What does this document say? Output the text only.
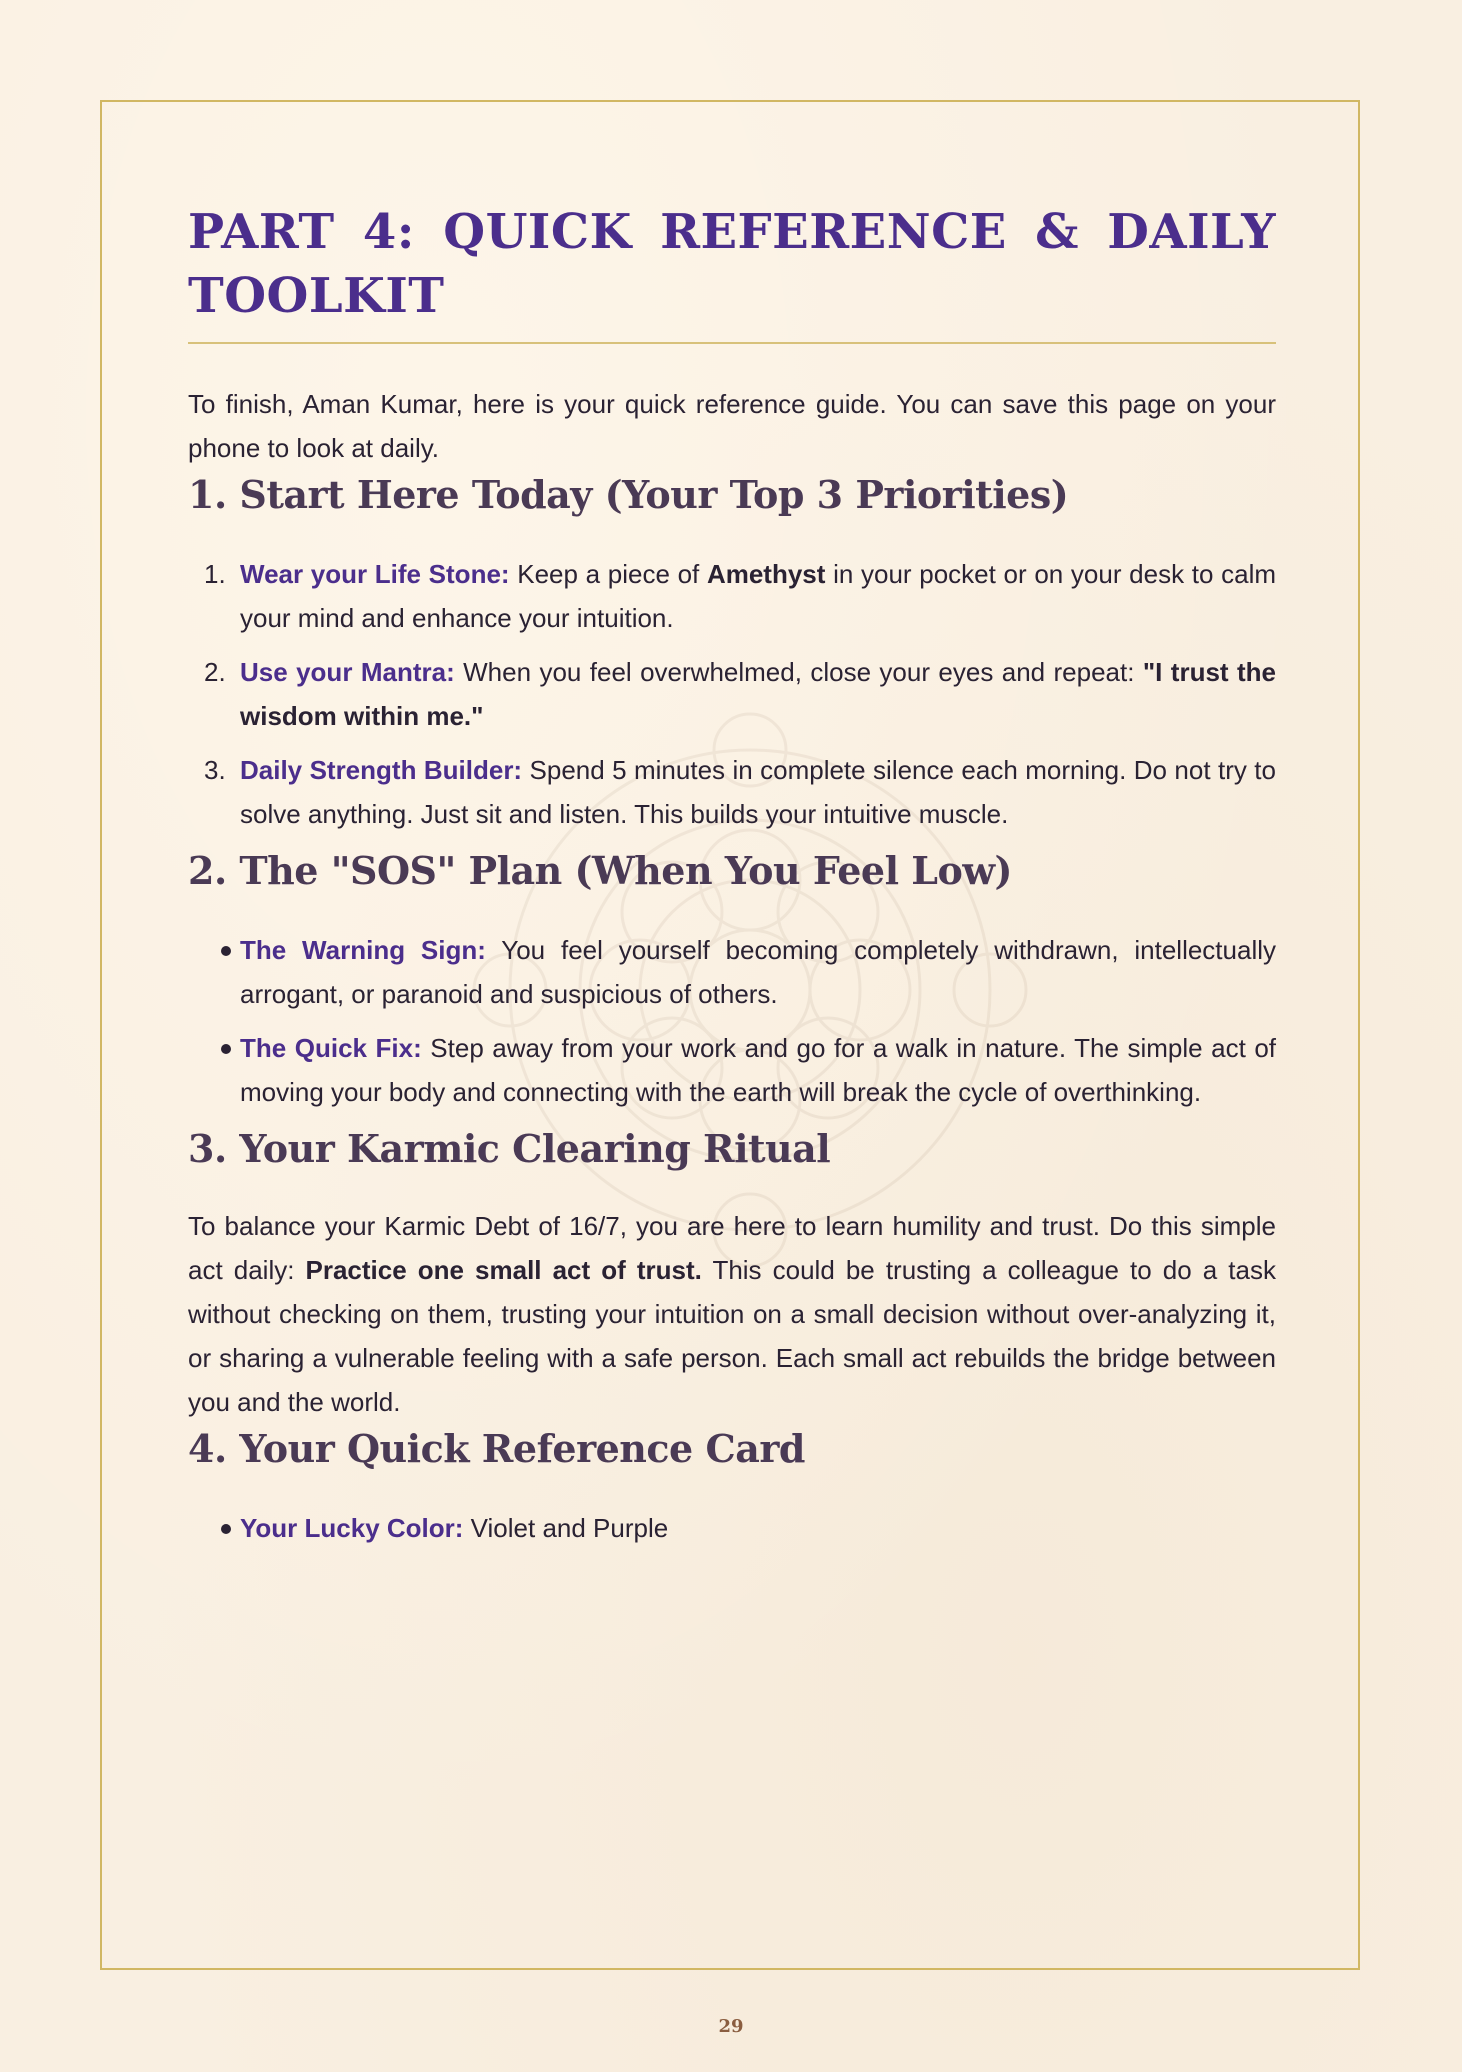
PART 4: QUICK REFERENCE & DAILY TOOLKIT

To finish, Aman Kumar, here is your quick reference guide. You can save this page on your phone to look at daily.

1. Start Here Today (Your Top 3 Priorities)
1. Wear your Life Stone: Keep a piece of Amethyst in your pocket or on your desk to calm your mind and enhance your intuition.
2. Use your Mantra: When you feel overwhelmed, close your eyes and repeat: "I trust the wisdom within me."
3. Daily Strength Builder: Spend 5 minutes in complete silence each morning. Do not try to solve anything. Just sit and listen. This builds your intuitive muscle.
2. The "SOS" Plan (When You Feel Low)
The Warning Sign: You feel yourself becoming completely withdrawn, intellectually arrogant, or paranoid and suspicious of others.
The Quick Fix: Step away from your work and go for a walk in nature. The simple act of moving your body and connecting with the earth will break the cycle of overthinking.
3. Your Karmic Clearing Ritual

To balance your Karmic Debt of 16/7, you are here to learn humility and trust. Do this simple act daily: Practice one small act of trust. This could be trusting a colleague to do a task without checking on them, trusting your intuition on a small decision without over-analyzing it, or sharing a vulnerable feeling with a safe person. Each small act rebuilds the bridge between you and the world.

4. Your Quick Reference Card
Your Lucky Color: Violet and Purple
29
